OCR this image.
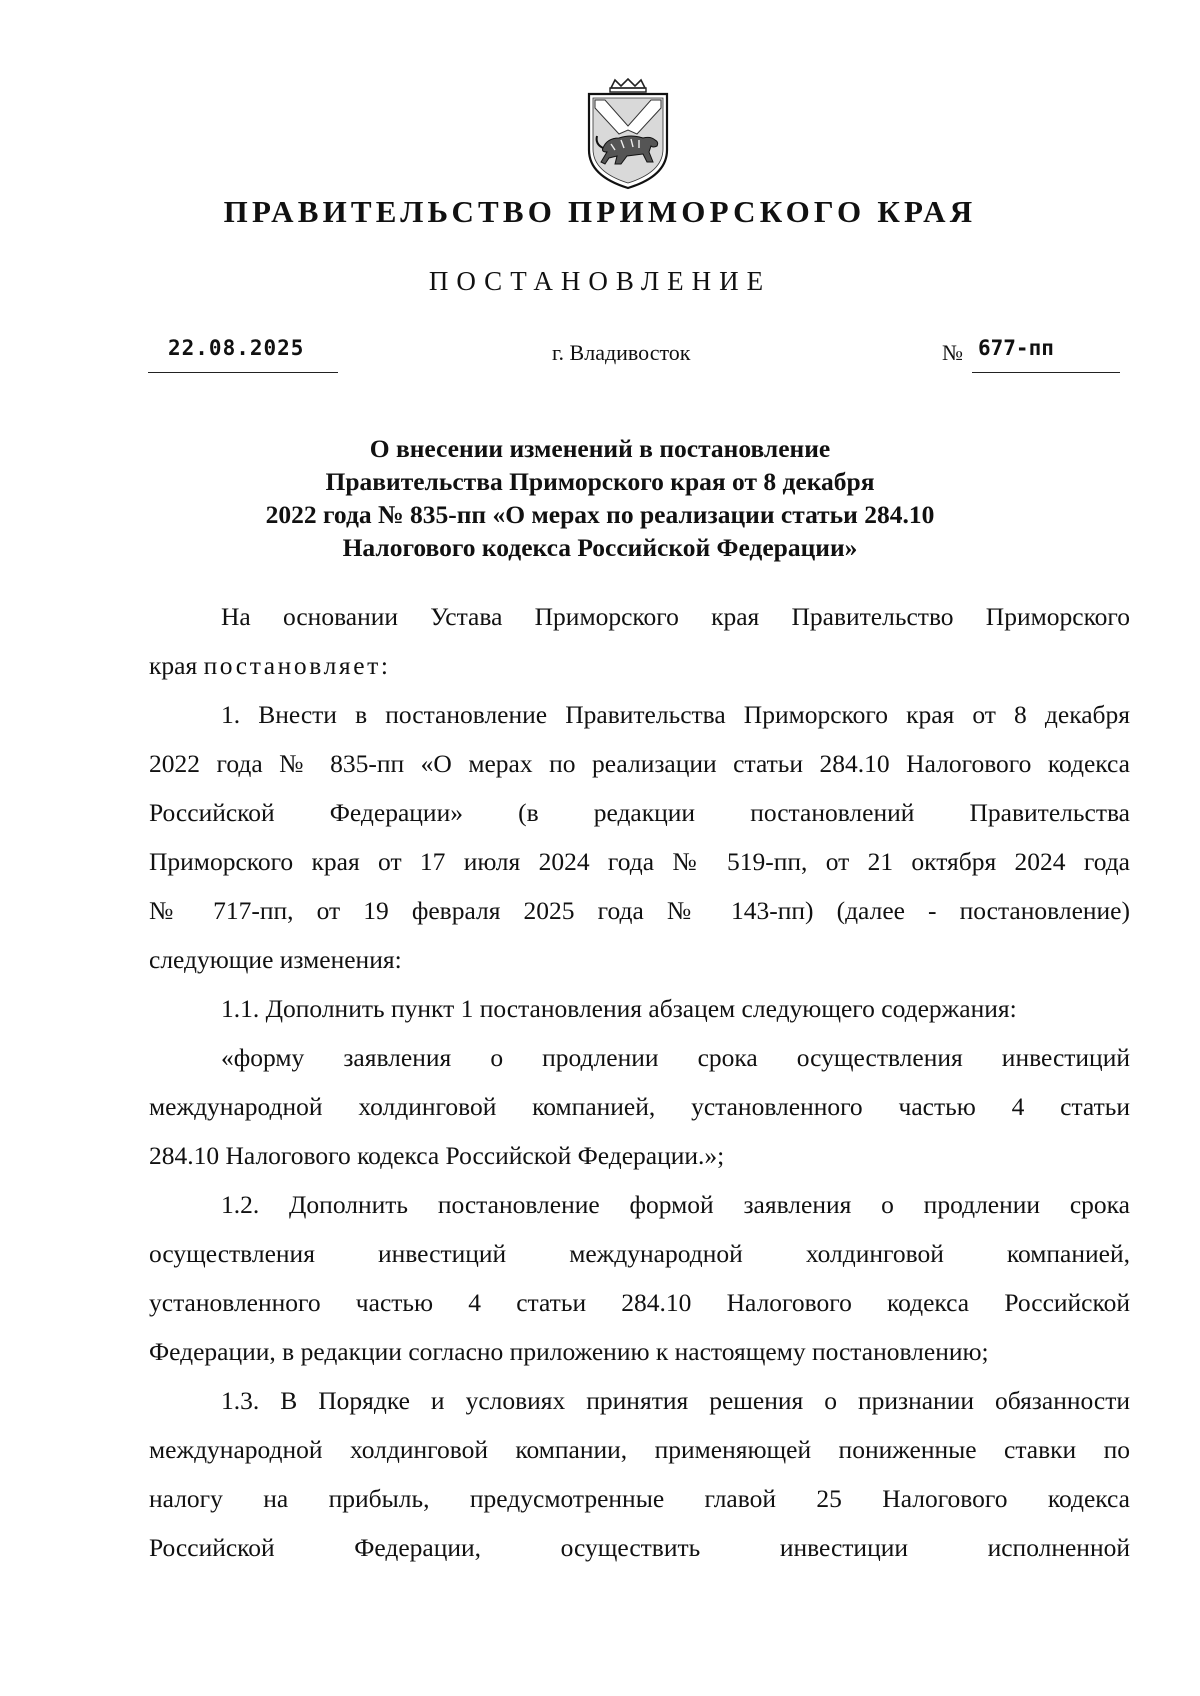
ПРАВИТЕЛЬСТВО ПРИМОРСКОГО КРАЯ
ПОСТАНОВЛЕНИЕ
22.08.2025	г. Владивосток	№ 677-пп
О внесении изменений в постановление
Правительства Приморского края от 8 декабря
2022 года № 835-пп «О мерах по реализации статьи 284.10
Налогового кодекса Российской Федерации»
На основании Устава Приморского края Правительство Приморского
края постановляет:
1. Внести в постановление Правительства Приморского края от 8 декабря
2022 года № 835-пп «О мерах по реализации статьи 284.10 Налогового кодекса
Российской Федерации» (в редакции постановлений Правительства
Приморского края от 17 июля 2024 года № 519-пп, от 21 октября 2024 года
№ 717-пп, от 19 февраля 2025 года № 143-пп) (далее - постановление)
следующие изменения:
1.1. Дополнить пункт 1 постановления абзацем следующего содержания:
«форму заявления о продлении срока осуществления инвестиций
международной холдинговой компанией, установленного частью 4 статьи
284.10 Налогового кодекса Российской Федерации.»;
1.2. Дополнить постановление формой заявления о продлении срока
осуществления инвестиций международной холдинговой компанией,
установленного частью 4 статьи 284.10 Налогового кодекса Российской
Федерации, в редакции согласно приложению к настоящему постановлению;
1.3. В Порядке и условиях принятия решения о признании обязанности
международной холдинговой компании, применяющей пониженные ставки по
налогу на прибыль, предусмотренные главой 25 Налогового кодекса
Российской Федерации, осуществить инвестиции исполненной
